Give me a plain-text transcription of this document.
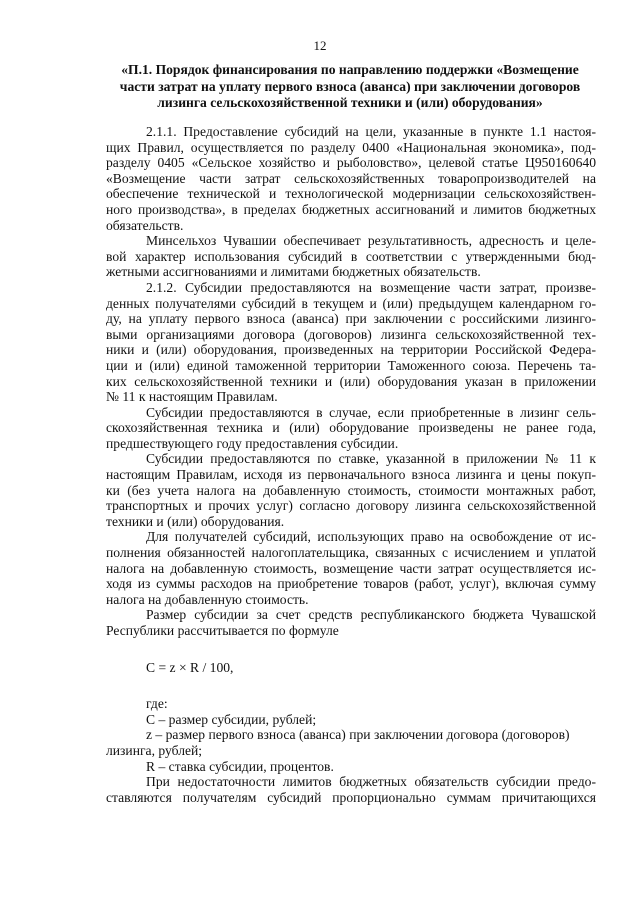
12
«П.1. Порядок финансирования по направлению поддержки «Возмещение
части затрат на уплату первого взноса (аванса) при заключении договоров
лизинга сельскохозяйственной техники и (или) оборудования»
2.1.1. Предоставление субсидий на цели, указанные в пункте 1.1 настоя-
щих Правил, осуществляется по разделу 0400 «Национальная экономика», под-
разделу 0405 «Сельское хозяйство и рыболовство», целевой статье Ц950160640
«Возмещение части затрат сельскохозяйственных товаропроизводителей на
обеспечение технической и технологической модернизации сельскохозяйствен-
ного производства», в пределах бюджетных ассигнований и лимитов бюджетных
обязательств.
Минсельхоз Чувашии обеспечивает результативность, адресность и целе-
вой характер использования субсидий в соответствии с утвержденными бюд-
жетными ассигнованиями и лимитами бюджетных обязательств.
2.1.2. Субсидии предоставляются на возмещение части затрат, произве-
денных получателями субсидий в текущем и (или) предыдущем календарном го-
ду, на уплату первого взноса (аванса) при заключении с российскими лизинго-
выми организациями договора (договоров) лизинга сельскохозяйственной тех-
ники и (или) оборудования, произведенных на территории Российской Федера-
ции и (или) единой таможенной территории Таможенного союза. Перечень та-
ких сельскохозяйственной техники и (или) оборудования указан в приложении
№ 11 к настоящим Правилам.
Субсидии предоставляются в случае, если приобретенные в лизинг сель-
скохозяйственная техника и (или) оборудование произведены не ранее года,
предшествующего году предоставления субсидии.
Субсидии предоставляются по ставке, указанной в приложении № 11 к
настоящим Правилам, исходя из первоначального взноса лизинга и цены покуп-
ки (без учета налога на добавленную стоимость, стоимости монтажных работ,
транспортных и прочих услуг) согласно договору лизинга сельскохозяйственной
техники и (или) оборудования.
Для получателей субсидий, использующих право на освобождение от ис-
полнения обязанностей налогоплательщика, связанных с исчислением и уплатой
налога на добавленную стоимость, возмещение части затрат осуществляется ис-
ходя из суммы расходов на приобретение товаров (работ, услуг), включая сумму
налога на добавленную стоимость.
Размер субсидии за счет средств республиканского бюджета Чувашской
Республики рассчитывается по формуле
C = z × R / 100,
где:
C – размер субсидии, рублей;
z – размер первого взноса (аванса) при заключении договора (договоров)
лизинга, рублей;
R – ставка субсидии, процентов.
При недостаточности лимитов бюджетных обязательств субсидии предо-
ставляются получателям субсидий пропорционально суммам причитающихся
